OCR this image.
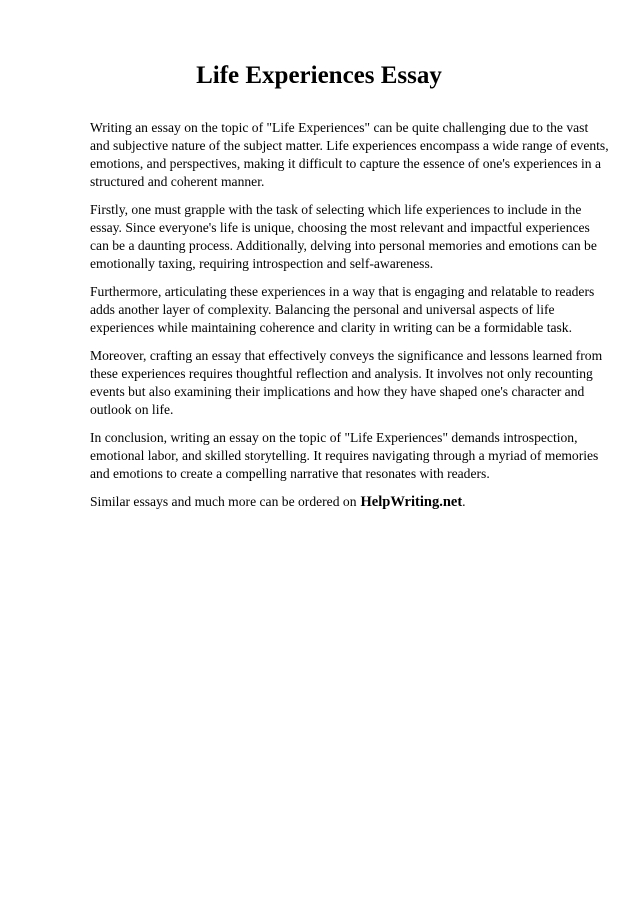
Life Experiences Essay

Writing an essay on the topic of "Life Experiences" can be quite challenging due to the vast and subjective nature of the subject matter. Life experiences encompass a wide range of events, emotions, and perspectives, making it difficult to capture the essence of one's experiences in a structured and coherent manner.

Firstly, one must grapple with the task of selecting which life experiences to include in the essay. Since everyone's life is unique, choosing the most relevant and impactful experiences can be a daunting process. Additionally, delving into personal memories and emotions can be emotionally taxing, requiring introspection and self-awareness.

Furthermore, articulating these experiences in a way that is engaging and relatable to readers adds another layer of complexity. Balancing the personal and universal aspects of life experiences while maintaining coherence and clarity in writing can be a formidable task.

Moreover, crafting an essay that effectively conveys the significance and lessons learned from these experiences requires thoughtful reflection and analysis. It involves not only recounting events but also examining their implications and how they have shaped one's character and outlook on life.

In conclusion, writing an essay on the topic of "Life Experiences" demands introspection, emotional labor, and skilled storytelling. It requires navigating through a myriad of memories and emotions to create a compelling narrative that resonates with readers.

Similar essays and much more can be ordered on HelpWriting.net.
